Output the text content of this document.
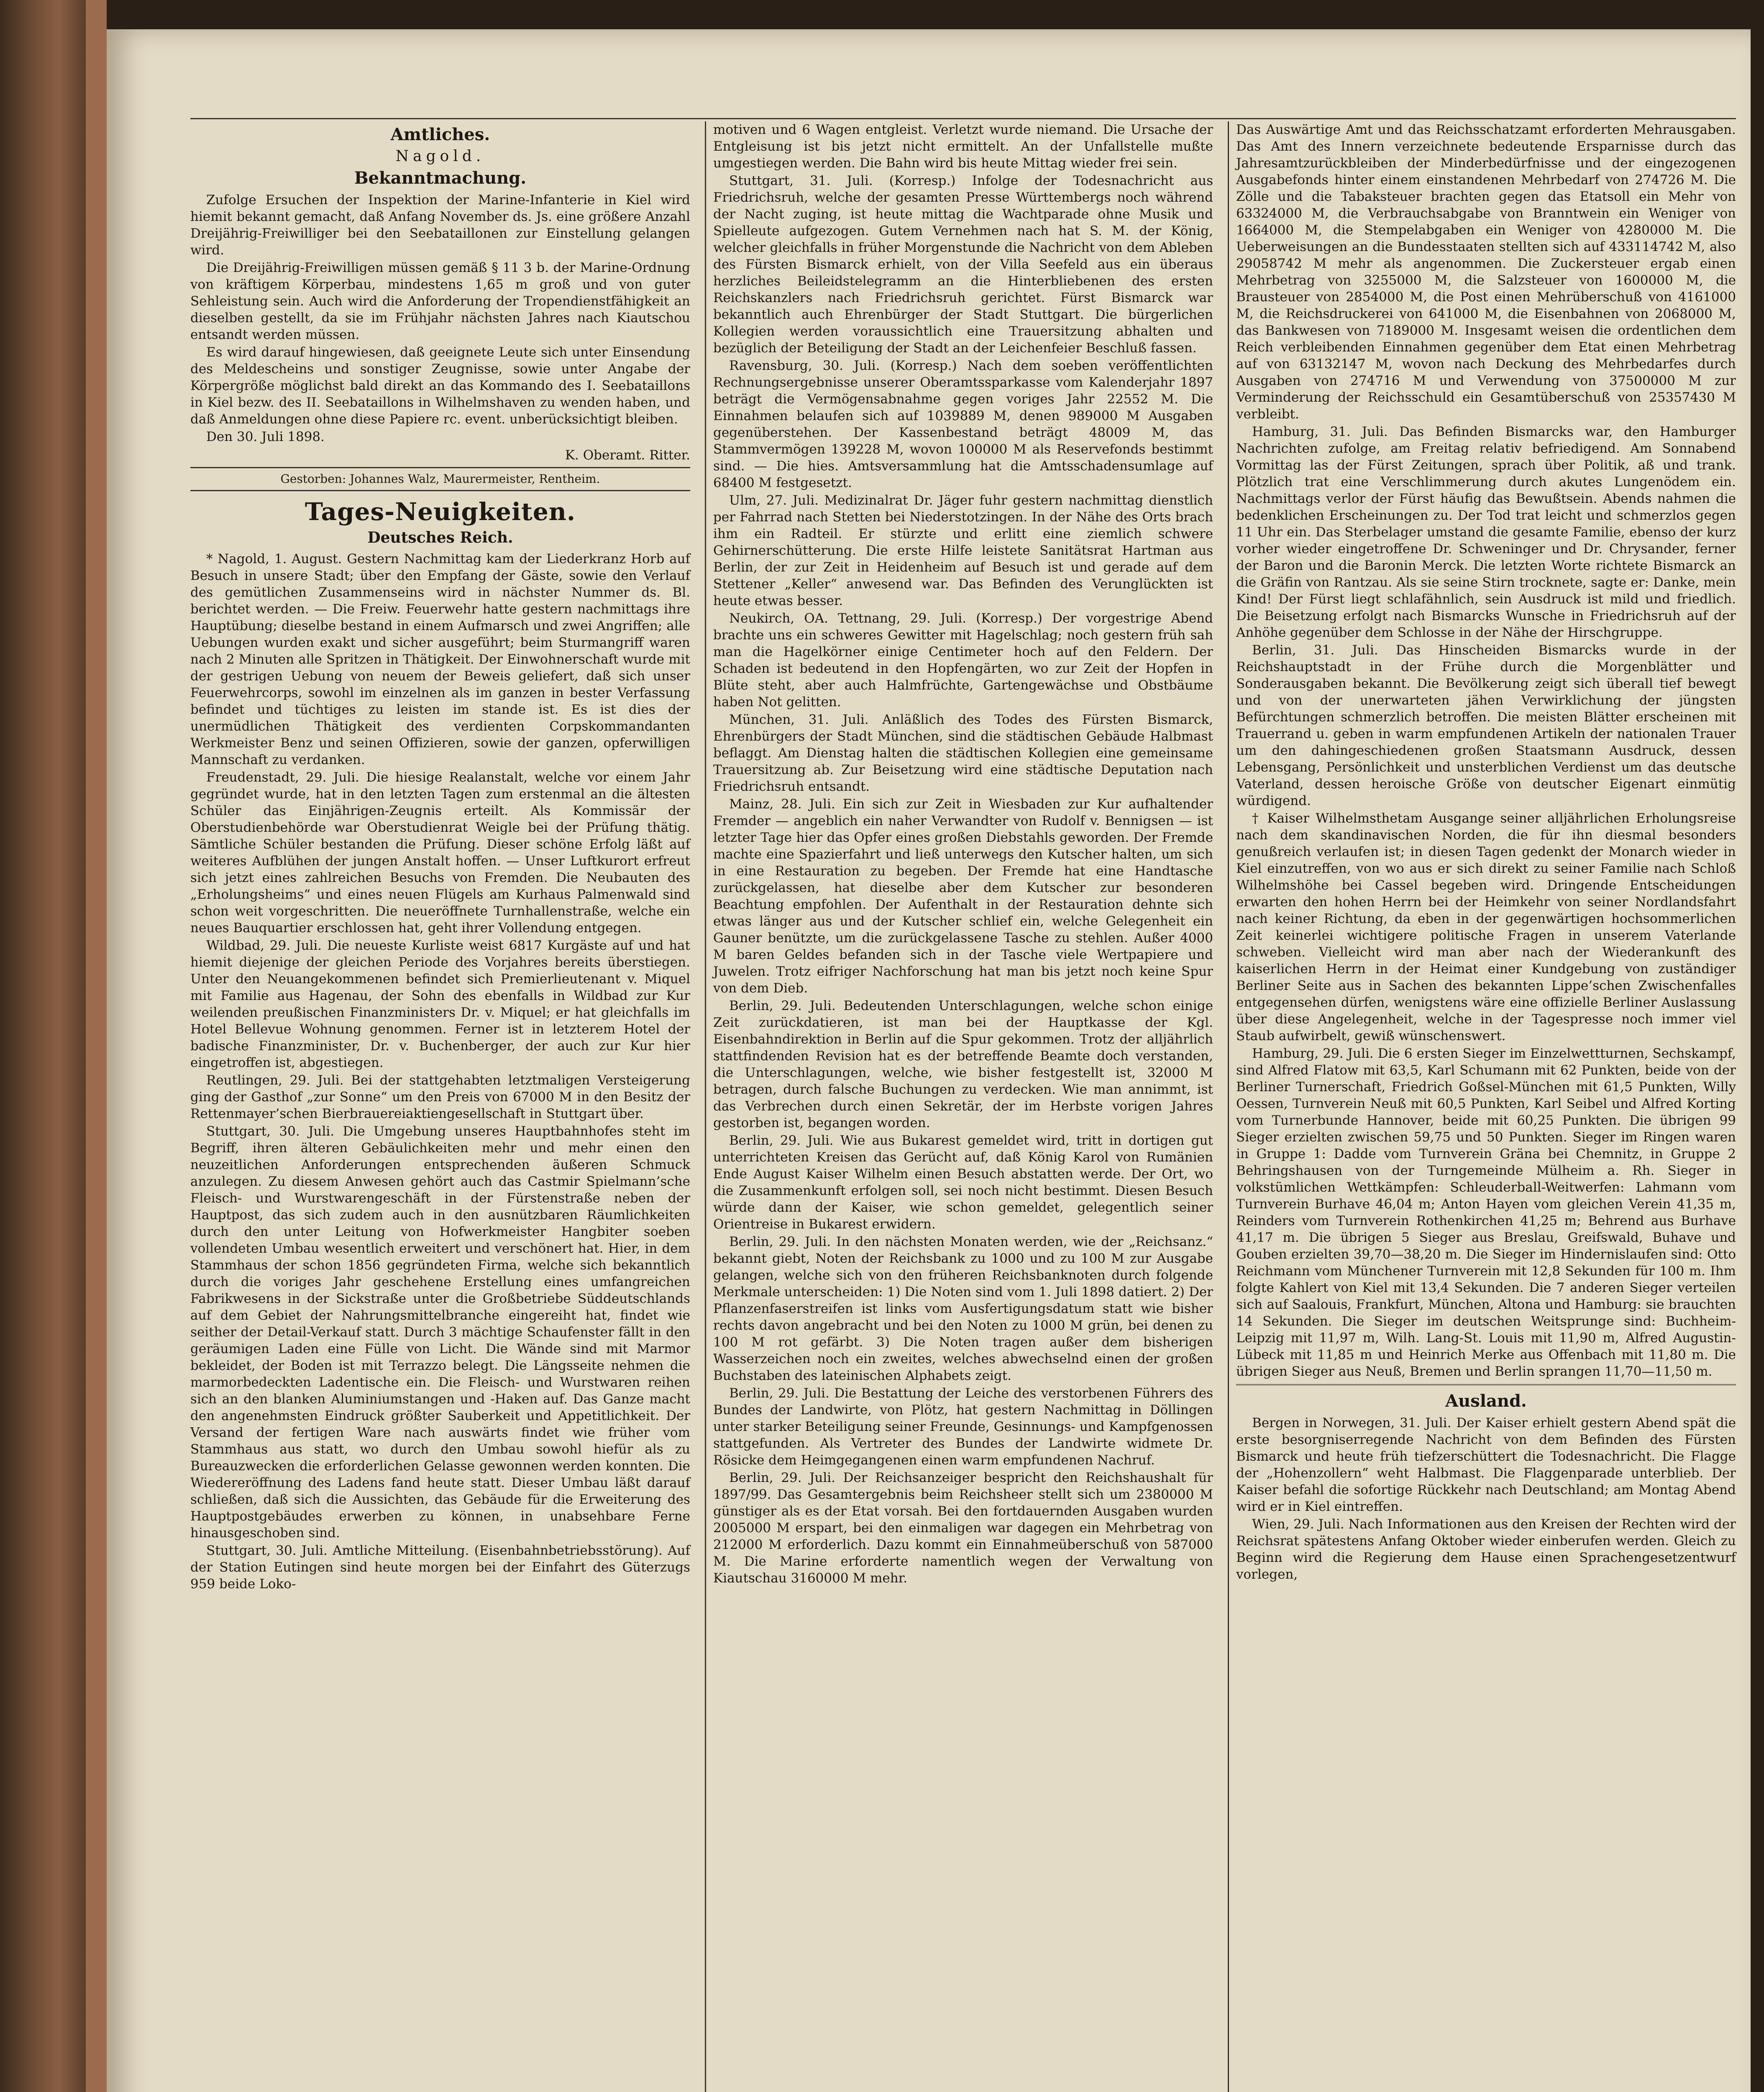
Amtliches.
Nagold.
Bekanntmachung.

Zufolge Ersuchen der Inspektion der Marine-Infanterie in Kiel wird hiemit bekannt gemacht, daß Anfang November ds. Js. eine größere Anzahl Dreijährig-Freiwilliger bei den Seebataillonen zur Einstellung gelangen wird.

Die Dreijährig-Freiwilligen müssen gemäß § 11 3 b. der Marine-Ordnung von kräftigem Körperbau, mindestens 1,65 m groß und von guter Sehleistung sein. Auch wird die Anforderung der Tropendienstfähigkeit an dieselben gestellt, da sie im Frühjahr nächsten Jahres nach Kiautschou entsandt werden müssen.

Es wird darauf hingewiesen, daß geeignete Leute sich unter Einsendung des Meldescheins und sonstiger Zeugnisse, sowie unter Angabe der Körpergröße möglichst bald direkt an das Kommando des I. Seebataillons in Kiel bezw. des II. Seebataillons in Wilhelmshaven zu wenden haben, und daß Anmeldungen ohne diese Papiere rc. event. unberücksichtigt bleiben.

Den 30. Juli 1898.

K. Oberamt. Ritter.
Gestorben: Johannes Walz, Maurermeister, Rentheim.
Tages-Neuigkeiten.
Deutsches Reich.

* Nagold, 1. August. Gestern Nachmittag kam der Liederkranz Horb auf Besuch in unsere Stadt; über den Empfang der Gäste, sowie den Verlauf des gemütlichen Zusammenseins wird in nächster Nummer ds. Bl. berichtet werden. — Die Freiw. Feuerwehr hatte gestern nachmittags ihre Hauptübung; dieselbe bestand in einem Aufmarsch und zwei Angriffen; alle Uebungen wurden exakt und sicher ausgeführt; beim Sturmangriff waren nach 2 Minuten alle Spritzen in Thätigkeit. Der Einwohnerschaft wurde mit der gestrigen Uebung von neuem der Beweis geliefert, daß sich unser Feuerwehrcorps, sowohl im einzelnen als im ganzen in bester Verfassung befindet und tüchtiges zu leisten im stande ist. Es ist dies der unermüdlichen Thätigkeit des verdienten Corpskommandanten Werkmeister Benz und seinen Offizieren, sowie der ganzen, opferwilligen Mannschaft zu verdanken.

Freudenstadt, 29. Juli. Die hiesige Realanstalt, welche vor einem Jahr gegründet wurde, hat in den letzten Tagen zum erstenmal an die ältesten Schüler das Einjährigen-Zeugnis erteilt. Als Kommissär der Oberstudienbehörde war Oberstudienrat Weigle bei der Prüfung thätig. Sämtliche Schüler bestanden die Prüfung. Dieser schöne Erfolg läßt auf weiteres Aufblühen der jungen Anstalt hoffen. — Unser Luftkurort erfreut sich jetzt eines zahlreichen Besuchs von Fremden. Die Neubauten des „Erholungsheims“ und eines neuen Flügels am Kurhaus Palmenwald sind schon weit vorgeschritten. Die neueröffnete Turnhallenstraße, welche ein neues Bauquartier erschlossen hat, geht ihrer Vollendung entgegen.

Wildbad, 29. Juli. Die neueste Kurliste weist 6817 Kurgäste auf und hat hiemit diejenige der gleichen Periode des Vorjahres bereits überstiegen. Unter den Neuangekommenen befindet sich Premierlieutenant v. Miquel mit Familie aus Hagenau, der Sohn des ebenfalls in Wildbad zur Kur weilenden preußischen Finanzministers Dr. v. Miquel; er hat gleichfalls im Hotel Bellevue Wohnung genommen. Ferner ist in letzterem Hotel der badische Finanzminister, Dr. v. Buchenberger, der auch zur Kur hier eingetroffen ist, abgestiegen.

Reutlingen, 29. Juli. Bei der stattgehabten letztmaligen Versteigerung ging der Gasthof „zur Sonne“ um den Preis von 67000 M in den Besitz der Rettenmayer’schen Bierbrauereiaktiengesellschaft in Stuttgart über.

Stuttgart, 30. Juli. Die Umgebung unseres Hauptbahnhofes steht im Begriff, ihren älteren Gebäulichkeiten mehr und mehr einen den neuzeitlichen Anforderungen entsprechenden äußeren Schmuck anzulegen. Zu diesem Anwesen gehört auch das Castmir Spielmann’sche Fleisch- und Wurstwarengeschäft in der Fürstenstraße neben der Hauptpost, das sich zudem auch in den ausnützbaren Räumlichkeiten durch den unter Leitung von Hofwerkmeister Hangbiter soeben vollendeten Umbau wesentlich erweitert und verschönert hat. Hier, in dem Stammhaus der schon 1856 gegründeten Firma, welche sich bekanntlich durch die voriges Jahr geschehene Erstellung eines umfangreichen Fabrikwesens in der Sickstraße unter die Großbetriebe Süddeutschlands auf dem Gebiet der Nahrungsmittelbranche eingereiht hat, findet wie seither der Detail-Verkauf statt. Durch 3 mächtige Schaufenster fällt in den geräumigen Laden eine Fülle von Licht. Die Wände sind mit Marmor bekleidet, der Boden ist mit Terrazzo belegt. Die Längsseite nehmen die marmorbedeckten Ladentische ein. Die Fleisch- und Wurstwaren reihen sich an den blanken Aluminiumstangen und -Haken auf. Das Ganze macht den angenehmsten Eindruck größter Sauberkeit und Appetitlichkeit. Der Versand der fertigen Ware nach auswärts findet wie früher vom Stammhaus aus statt, wo durch den Umbau sowohl hiefür als zu Bureauzwecken die erforderlichen Gelasse gewonnen werden konnten. Die Wiedereröffnung des Ladens fand heute statt. Dieser Umbau läßt darauf schließen, daß sich die Aussichten, das Gebäude für die Erweiterung des Hauptpostgebäudes erwerben zu können, in unabsehbare Ferne hinausgeschoben sind.

Stuttgart, 30. Juli. Amtliche Mitteilung. (Eisenbahnbetriebsstörung). Auf der Station Eutingen sind heute morgen bei der Einfahrt des Güterzugs 959 beide Loko-

motiven und 6 Wagen entgleist. Verletzt wurde niemand. Die Ursache der Entgleisung ist bis jetzt nicht ermittelt. An der Unfallstelle mußte umgestiegen werden. Die Bahn wird bis heute Mittag wieder frei sein.

Stuttgart, 31. Juli. (Korresp.) Infolge der Todesnachricht aus Friedrichsruh, welche der gesamten Presse Württembergs noch während der Nacht zuging, ist heute mittag die Wachtparade ohne Musik und Spielleute aufgezogen. Gutem Vernehmen nach hat S. M. der König, welcher gleichfalls in früher Morgenstunde die Nachricht von dem Ableben des Fürsten Bismarck erhielt, von der Villa Seefeld aus ein überaus herzliches Beileidstelegramm an die Hinterbliebenen des ersten Reichskanzlers nach Friedrichsruh gerichtet. Fürst Bismarck war bekanntlich auch Ehrenbürger der Stadt Stuttgart. Die bürgerlichen Kollegien werden voraussichtlich eine Trauersitzung abhalten und bezüglich der Beteiligung der Stadt an der Leichenfeier Beschluß fassen.

Ravensburg, 30. Juli. (Korresp.) Nach dem soeben veröffentlichten Rechnungsergebnisse unserer Oberamtssparkasse vom Kalenderjahr 1897 beträgt die Vermögensabnahme gegen voriges Jahr 22552 M. Die Einnahmen belaufen sich auf 1039889 M, denen 989000 M Ausgaben gegenüberstehen. Der Kassenbestand beträgt 48009 M, das Stammvermögen 139228 M, wovon 100000 M als Reservefonds bestimmt sind. — Die hies. Amtsversammlung hat die Amtsschadensumlage auf 68400 M festgesetzt.

Ulm, 27. Juli. Medizinalrat Dr. Jäger fuhr gestern nachmittag dienstlich per Fahrrad nach Stetten bei Niederstotzingen. In der Nähe des Orts brach ihm ein Radteil. Er stürzte und erlitt eine ziemlich schwere Gehirnerschütterung. Die erste Hilfe leistete Sanitätsrat Hartman aus Berlin, der zur Zeit in Heidenheim auf Besuch ist und gerade auf dem Stettener „Keller“ anwesend war. Das Befinden des Verunglückten ist heute etwas besser.

Neukirch, OA. Tettnang, 29. Juli. (Korresp.) Der vorgestrige Abend brachte uns ein schweres Gewitter mit Hagelschlag; noch gestern früh sah man die Hagelkörner einige Centimeter hoch auf den Feldern. Der Schaden ist bedeutend in den Hopfengärten, wo zur Zeit der Hopfen in Blüte steht, aber auch Halmfrüchte, Gartengewächse und Obstbäume haben Not gelitten.

München, 31. Juli. Anläßlich des Todes des Fürsten Bismarck, Ehrenbürgers der Stadt München, sind die städtischen Gebäude Halbmast beflaggt. Am Dienstag halten die städtischen Kollegien eine gemeinsame Trauersitzung ab. Zur Beisetzung wird eine städtische Deputation nach Friedrichsruh entsandt.

Mainz, 28. Juli. Ein sich zur Zeit in Wiesbaden zur Kur aufhaltender Fremder — angeblich ein naher Verwandter von Rudolf v. Bennigsen — ist letzter Tage hier das Opfer eines großen Diebstahls geworden. Der Fremde machte eine Spazierfahrt und ließ unterwegs den Kutscher halten, um sich in eine Restauration zu begeben. Der Fremde hat eine Handtasche zurückgelassen, hat dieselbe aber dem Kutscher zur besonderen Beachtung empfohlen. Der Aufenthalt in der Restauration dehnte sich etwas länger aus und der Kutscher schlief ein, welche Gelegenheit ein Gauner benützte, um die zurückgelassene Tasche zu stehlen. Außer 4000 M baren Geldes befanden sich in der Tasche viele Wertpapiere und Juwelen. Trotz eifriger Nachforschung hat man bis jetzt noch keine Spur von dem Dieb.

Berlin, 29. Juli. Bedeutenden Unterschlagungen, welche schon einige Zeit zurückdatieren, ist man bei der Hauptkasse der Kgl. Eisenbahndirektion in Berlin auf die Spur gekommen. Trotz der alljährlich stattfindenden Revision hat es der betreffende Beamte doch verstanden, die Unterschlagungen, welche, wie bisher festgestellt ist, 32000 M betragen, durch falsche Buchungen zu verdecken. Wie man annimmt, ist das Verbrechen durch einen Sekretär, der im Herbste vorigen Jahres gestorben ist, begangen worden.

Berlin, 29. Juli. Wie aus Bukarest gemeldet wird, tritt in dortigen gut unterrichteten Kreisen das Gerücht auf, daß König Karol von Rumänien Ende August Kaiser Wilhelm einen Besuch abstatten werde. Der Ort, wo die Zusammenkunft erfolgen soll, sei noch nicht bestimmt. Diesen Besuch würde dann der Kaiser, wie schon gemeldet, gelegentlich seiner Orientreise in Bukarest erwidern.

Berlin, 29. Juli. In den nächsten Monaten werden, wie der „Reichsanz.“ bekannt giebt, Noten der Reichsbank zu 1000 und zu 100 M zur Ausgabe gelangen, welche sich von den früheren Reichsbanknoten durch folgende Merkmale unterscheiden: 1) Die Noten sind vom 1. Juli 1898 datiert. 2) Der Pflanzenfaserstreifen ist links vom Ausfertigungsdatum statt wie bisher rechts davon angebracht und bei den Noten zu 1000 M grün, bei denen zu 100 M rot gefärbt. 3) Die Noten tragen außer dem bisherigen Wasserzeichen noch ein zweites, welches abwechselnd einen der großen Buchstaben des lateinischen Alphabets zeigt.

Berlin, 29. Juli. Die Bestattung der Leiche des verstorbenen Führers des Bundes der Landwirte, von Plötz, hat gestern Nachmittag in Döllingen unter starker Beteiligung seiner Freunde, Gesinnungs- und Kampfgenossen stattgefunden. Als Vertreter des Bundes der Landwirte widmete Dr. Rösicke dem Heimgegangenen einen warm empfundenen Nachruf.

Berlin, 29. Juli. Der Reichsanzeiger bespricht den Reichshaushalt für 1897/99. Das Gesamtergebnis beim Reichsheer stellt sich um 2380000 M günstiger als es der Etat vorsah. Bei den fortdauernden Ausgaben wurden 2005000 M erspart, bei den einmaligen war dagegen ein Mehrbetrag von 212000 M erforderlich. Dazu kommt ein Einnahmeüberschuß von 587000 M. Die Marine erforderte namentlich wegen der Verwaltung von Kiautschau 3160000 M mehr.

Das Auswärtige Amt und das Reichsschatzamt erforderten Mehrausgaben. Das Amt des Innern verzeichnete bedeutende Ersparnisse durch das Jahresamtzurückbleiben der Minderbedürfnisse und der eingezogenen Ausgabefonds hinter einem einstandenen Mehrbedarf von 274726 M. Die Zölle und die Tabaksteuer brachten gegen das Etatsoll ein Mehr von 63324000 M, die Verbrauchsabgabe von Branntwein ein Weniger von 1664000 M, die Stempelabgaben ein Weniger von 4280000 M. Die Ueberweisungen an die Bundesstaaten stellten sich auf 433114742 M, also 29058742 M mehr als angenommen. Die Zuckersteuer ergab einen Mehrbetrag von 3255000 M, die Salzsteuer von 1600000 M, die Brausteuer von 2854000 M, die Post einen Mehrüberschuß von 4161000 M, die Reichsdruckerei von 641000 M, die Eisenbahnen von 2068000 M, das Bankwesen von 7189000 M. Insgesamt weisen die ordentlichen dem Reich verbleibenden Einnahmen gegenüber dem Etat einen Mehrbetrag auf von 63132147 M, wovon nach Deckung des Mehrbedarfes durch Ausgaben von 274716 M und Verwendung von 37500000 M zur Verminderung der Reichsschuld ein Gesamtüberschuß von 25357430 M verbleibt.

Hamburg, 31. Juli. Das Befinden Bismarcks war, den Hamburger Nachrichten zufolge, am Freitag relativ befriedigend. Am Sonnabend Vormittag las der Fürst Zeitungen, sprach über Politik, aß und trank. Plötzlich trat eine Verschlimmerung durch akutes Lungenödem ein. Nachmittags verlor der Fürst häufig das Bewußtsein. Abends nahmen die bedenklichen Erscheinungen zu. Der Tod trat leicht und schmerzlos gegen 11 Uhr ein. Das Sterbelager umstand die gesamte Familie, ebenso der kurz vorher wieder eingetroffene Dr. Schweninger und Dr. Chrysander, ferner der Baron und die Baronin Merck. Die letzten Worte richtete Bismarck an die Gräfin von Rantzau. Als sie seine Stirn trocknete, sagte er: Danke, mein Kind! Der Fürst liegt schlafähnlich, sein Ausdruck ist mild und friedlich. Die Beisetzung erfolgt nach Bismarcks Wunsche in Friedrichsruh auf der Anhöhe gegenüber dem Schlosse in der Nähe der Hirschgruppe.

Berlin, 31. Juli. Das Hinscheiden Bismarcks wurde in der Reichshauptstadt in der Frühe durch die Morgenblätter und Sonderausgaben bekannt. Die Bevölkerung zeigt sich überall tief bewegt und von der unerwarteten jähen Verwirklichung der jüngsten Befürchtungen schmerzlich betroffen. Die meisten Blätter erscheinen mit Trauerrand u. geben in warm empfundenen Artikeln der nationalen Trauer um den dahingeschiedenen großen Staatsmann Ausdruck, dessen Lebensgang, Persönlichkeit und unsterblichen Verdienst um das deutsche Vaterland, dessen heroische Größe von deutscher Eigenart einmütig würdigend.

† Kaiser Wilhelmsthetam Ausgange seiner alljährlichen Erholungsreise nach dem skandinavischen Norden, die für ihn diesmal besonders genußreich verlaufen ist; in diesen Tagen gedenkt der Monarch wieder in Kiel einzutreffen, von wo aus er sich direkt zu seiner Familie nach Schloß Wilhelmshöhe bei Cassel begeben wird. Dringende Entscheidungen erwarten den hohen Herrn bei der Heimkehr von seiner Nordlandsfahrt nach keiner Richtung, da eben in der gegenwärtigen hochsommerlichen Zeit keinerlei wichtigere politische Fragen in unserem Vaterlande schweben. Vielleicht wird man aber nach der Wiederankunft des kaiserlichen Herrn in der Heimat einer Kundgebung von zuständiger Berliner Seite aus in Sachen des bekannten Lippe’schen Zwischenfalles entgegensehen dürfen, wenigstens wäre eine offizielle Berliner Auslassung über diese Angelegenheit, welche in der Tagespresse noch immer viel Staub aufwirbelt, gewiß wünschenswert.

Hamburg, 29. Juli. Die 6 ersten Sieger im Einzelwettturnen, Sechskampf, sind Alfred Flatow mit 63,5, Karl Schumann mit 62 Punkten, beide von der Berliner Turnerschaft, Friedrich Goßsel-München mit 61,5 Punkten, Willy Oessen, Turnverein Neuß mit 60,5 Punkten, Karl Seibel und Alfred Korting vom Turnerbunde Hannover, beide mit 60,25 Punkten. Die übrigen 99 Sieger erzielten zwischen 59,75 und 50 Punkten. Sieger im Ringen waren in Gruppe 1: Dadde vom Turnverein Gräna bei Chemnitz, in Gruppe 2 Behringshausen von der Turngemeinde Mülheim a. Rh. Sieger in volkstümlichen Wettkämpfen: Schleuderball-Weitwerfen: Lahmann vom Turnverein Burhave 46,04 m; Anton Hayen vom gleichen Verein 41,35 m, Reinders vom Turnverein Rothenkirchen 41,25 m; Behrend aus Burhave 41,17 m. Die übrigen 5 Sieger aus Breslau, Greifswald, Buhave und Gouben erzielten 39,70—38,20 m. Die Sieger im Hindernislaufen sind: Otto Reichmann vom Münchener Turnverein mit 12,8 Sekunden für 100 m. Ihm folgte Kahlert von Kiel mit 13,4 Sekunden. Die 7 anderen Sieger verteilen sich auf Saalouis, Frankfurt, München, Altona und Hamburg: sie brauchten 14 Sekunden. Die Sieger im deutschen Weitsprunge sind: Buchheim-Leipzig mit 11,97 m, Wilh. Lang-St. Louis mit 11,90 m, Alfred Augustin-Lübeck mit 11,85 m und Heinrich Merke aus Offenbach mit 11,80 m. Die übrigen Sieger aus Neuß, Bremen und Berlin sprangen 11,70—11,50 m.

Ausland.

Bergen in Norwegen, 31. Juli. Der Kaiser erhielt gestern Abend spät die erste besorgniserregende Nachricht von dem Befinden des Fürsten Bismarck und heute früh tiefzerschüttert die Todesnachricht. Die Flagge der „Hohenzollern“ weht Halbmast. Die Flaggenparade unterblieb. Der Kaiser befahl die sofortige Rückkehr nach Deutschland; am Montag Abend wird er in Kiel eintreffen.

Wien, 29. Juli. Nach Informationen aus den Kreisen der Rechten wird der Reichsrat spätestens Anfang Oktober wieder einberufen werden. Gleich zu Beginn wird die Regierung dem Hause einen Sprachengesetzentwurf vorlegen,
